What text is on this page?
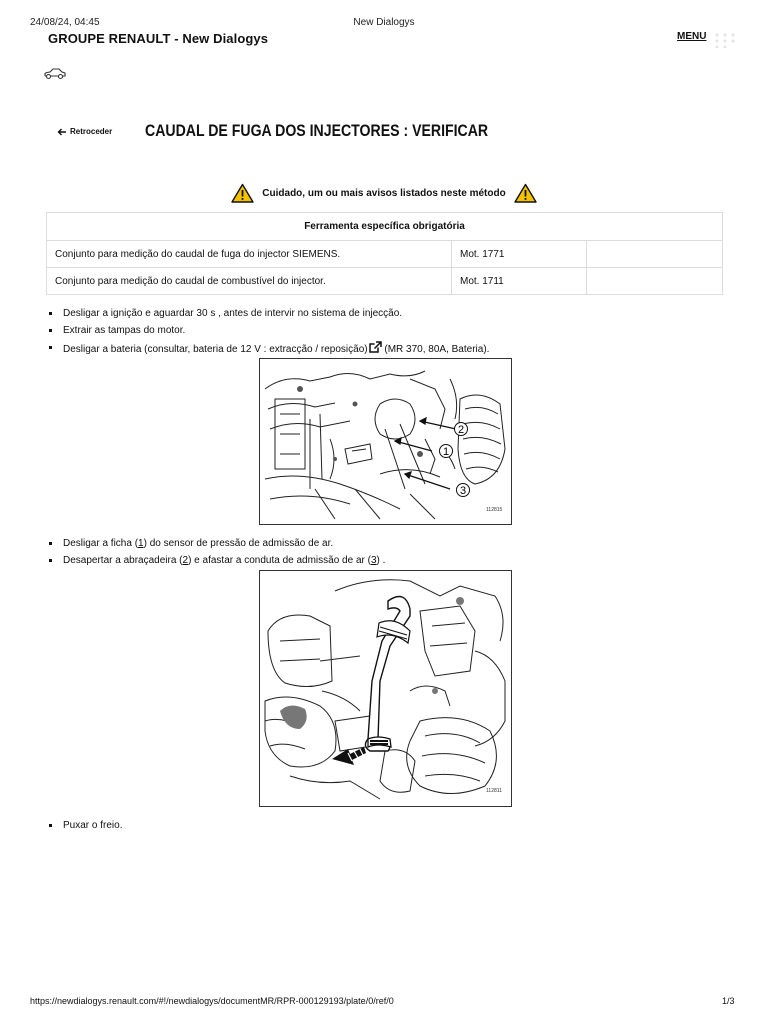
24/08/24, 04:45	New Dialogys
GROUPE RENAULT - New Dialogys	MENU
Retroceder CAUDAL DE FUGA DOS INJECTORES : VERIFICAR
Cuidado, um ou mais avisos listados neste método
Ferramenta específica obrigatória		
Conjunto para medição do caudal de fuga do injector SIEMENS.	Mot. 1771	
Conjunto para medição do caudal de combustível do injector.	Mot. 1711	
Desligar a ignição e aguardar 30 s , antes de intervir no sistema de injecção.
Extrair as tampas do motor.
Desligar a bateria (consultar, bateria de 12 V : extracção / reposição) (MR 370, 80A, Bateria).
2
1
3
112815
Desligar a ficha (1) do sensor de pressão de admissão de ar.
Desapertar a abraçadeira (2) e afastar a conduta de admissão de ar (3) .
112811
Puxar o freio.
https://newdialogys.renault.com/#!/newdialogys/documentMR/RPR-000129193/plate/0/ref/0	1/3
